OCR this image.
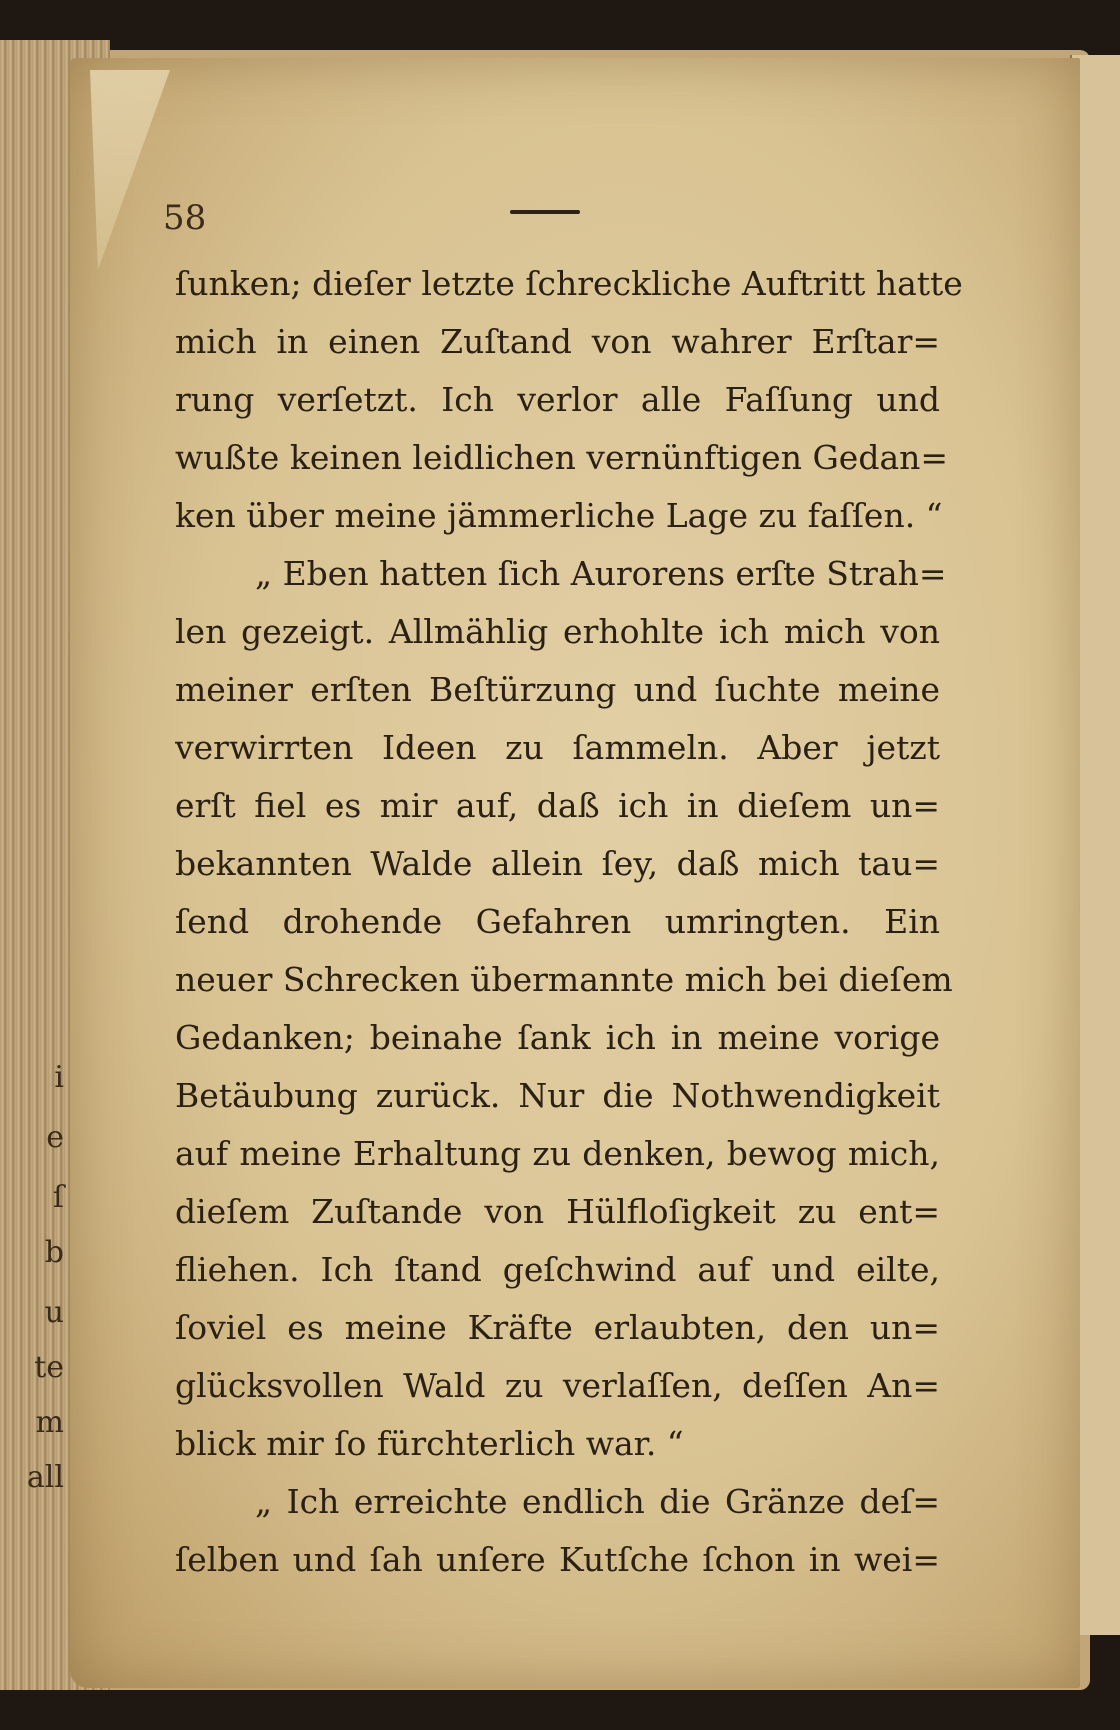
i
e
ſ
b
u
te
m
all
58
ſunken; dieſer letzte ſchreckliche Auftritt hatte
mich in einen Zuſtand von wahrer Erſtar=
rung verſetzt. Ich verlor alle Faſſung und
wußte keinen leidlichen vernünftigen Gedan=
ken über meine jämmerliche Lage zu faſſen. “
„ Eben hatten ſich Aurorens erſte Strah=
len gezeigt. Allmählig erhohlte ich mich von
meiner erſten Beſtürzung und ſuchte meine
verwirrten Ideen zu ſammeln. Aber jetzt
erſt fiel es mir auf, daß ich in dieſem un=
bekannten Walde allein ſey, daß mich tau=
ſend drohende Gefahren umringten. Ein
neuer Schrecken übermannte mich bei dieſem
Gedanken; beinahe ſank ich in meine vorige
Betäubung zurück. Nur die Nothwendigkeit
auf meine Erhaltung zu denken, bewog mich,
dieſem Zuſtande von Hülfloſigkeit zu ent=
fliehen. Ich ſtand geſchwind auf und eilte,
ſoviel es meine Kräfte erlaubten, den un=
glücksvollen Wald zu verlaſſen, deſſen An=
blick mir ſo fürchterlich war. “
„ Ich erreichte endlich die Gränze deſ=
ſelben und ſah unſere Kutſche ſchon in wei=
